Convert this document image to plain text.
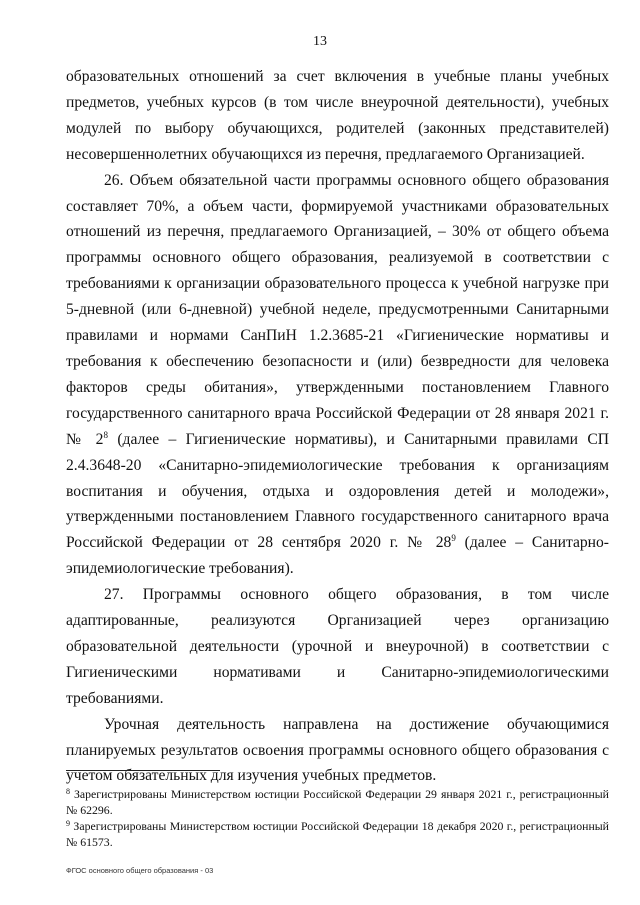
13

образовательных отношений за счет включения в учебные планы учебных предметов, учебных курсов (в том числе внеурочной деятельности), учебных модулей по выбору обучающихся, родителей (законных представителей) несовершеннолетних обучающихся из перечня, предлагаемого Организацией.

26. Объем обязательной части программы основного общего образования составляет 70%, а объем части, формируемой участниками образовательных отношений из перечня, предлагаемого Организацией, – 30% от общего объема программы основного общего образования, реализуемой в соответствии с требованиями к организации образовательного процесса к учебной нагрузке при 5-дневной (или 6-дневной) учебной неделе, предусмотренными Санитарными правилами и нормами СанПиН 1.2.3685-21 «Гигиенические нормативы и требования к обеспечению безопасности и (или) безвредности для человека факторов среды обитания», утвержденными постановлением Главного государственного санитарного врача Российской Федерации от 28 января 2021 г. № $2^8$ (далее – Гигиенические нормативы), и Санитарными правилами СП 2.4.3648-20 «Санитарно-эпидемиологические требования к организациям воспитания и обучения, отдыха и оздоровления детей и молодежи», утвержденными постановлением Главного государственного санитарного врача Российской Федерации от 28 сентября 2020 г. № $28^9$ (далее – Санитарно-эпидемиологические требования).

27. Программы основного общего образования, в том числе адаптированные, реализуются Организацией через организацию образовательной деятельности (урочной и внеурочной) в соответствии с Гигиеническими нормативами и Санитарно-эпидемиологическими требованиями.

Урочная деятельность направлена на достижение обучающимися планируемых результатов освоения программы основного общего образования с учетом обязательных для изучения учебных предметов.

$^8$ Зарегистрированы Министерством юстиции Российской Федерации 29 января 2021 г., регистрационный № 62296.

$^9$ Зарегистрированы Министерством юстиции Российской Федерации 18 декабря 2020 г., регистрационный № 61573.

ФГОС основного общего образования - 03
